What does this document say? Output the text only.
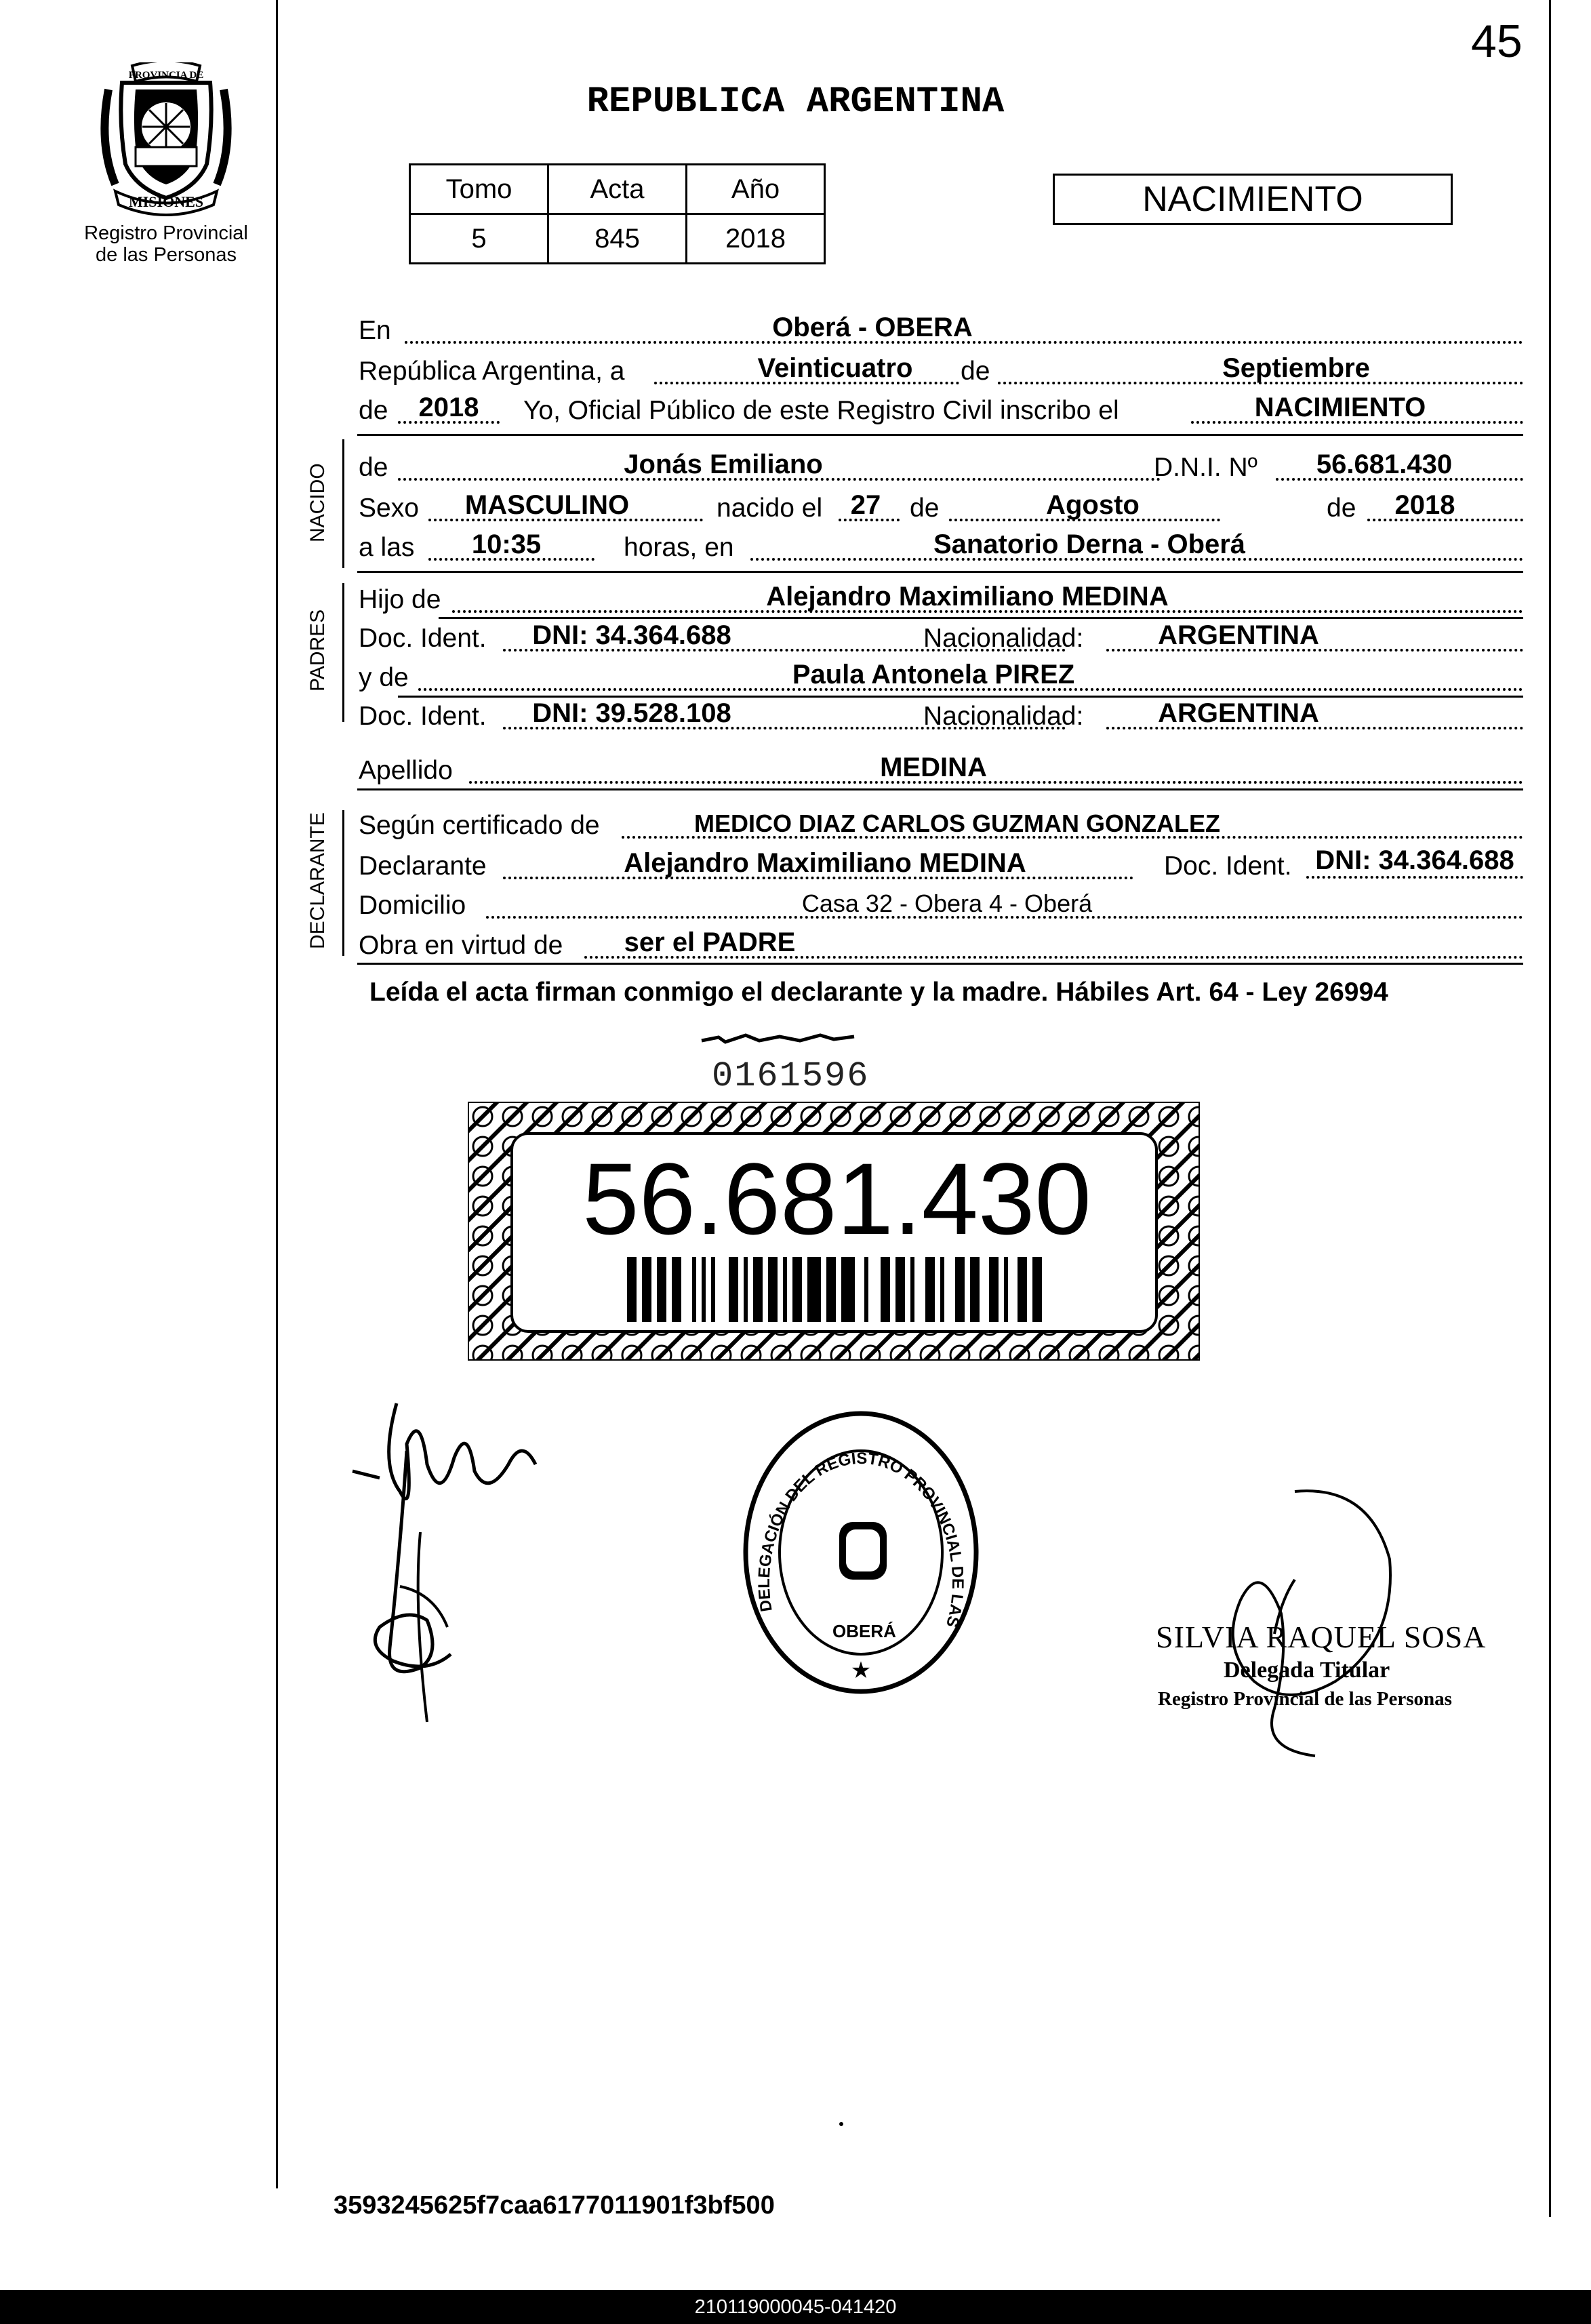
45
PROVINCIA DE
MISIONES
Registro Provincial
de las Personas
REPUBLICA ARGENTINA
Tomo	Acta	Año
5	845	2018
NACIMIENTO
En	Oberá - OBERA
República Argentina, a	Veinticuatro	de	Septiembre
de 2018 Yo, Oficial Público de este Registro Civil inscribo el	NACIMIENTO
de	Jonás Emiliano	D.N.I. Nº	56.681.430
Sexo	MASCULINO	nacido el 27 de	Agosto	de	2018
a las	10:35	horas, en	Sanatorio Derna - Oberá
Hijo de	Alejandro Maximiliano MEDINA
Doc. Ident.	DNI: 34.364.688	Nacionalidad:	ARGENTINA
y de	Paula Antonela PIREZ
Doc. Ident.	DNI: 39.528.108	Nacionalidad:	ARGENTINA
Apellido	MEDINA
Según certificado de	MEDICO DIAZ CARLOS GUZMAN GONZALEZ
Declarante	Alejandro Maximiliano MEDINA	Doc. Ident. DNI: 34.364.688
Domicilio	Casa 32 - Obera 4 - Oberá
Obra en virtud de	ser el PADRE
NACIDO
PADRES
DECLARANTE
Leída el acta firman conmigo el declarante y la madre. Hábiles Art. 64 - Ley 26994
0161596
56.681.430
DELEGACIÓN DEL REGISTRO PROVINCIAL DE LAS
OBERÁ
★
SILVIA RAQUEL SOSA
Delegada Titular
Registro Provincial de las Personas
3593245625f7caa6177011901f3bf500
210119000045-041420
